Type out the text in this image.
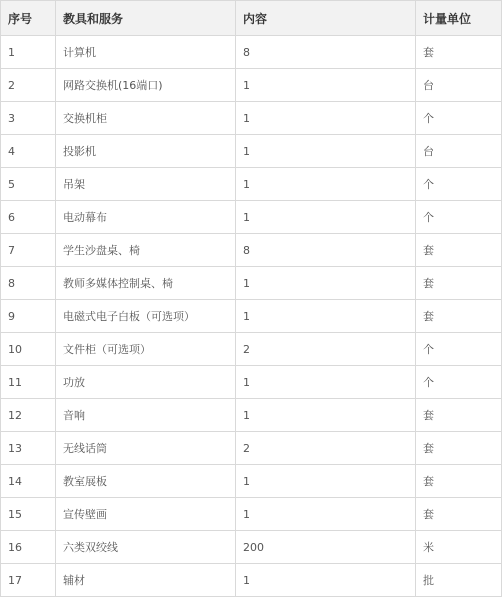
序号	教具和服务	内容	计量单位
1	计算机	8	套
2	网路交换机(16端口)	1	台
3	交换机柜	1	个
4	投影机	1	台
5	吊架	1	个
6	电动幕布	1	个
7	学生沙盘桌、椅	8	套
8	教师多媒体控制桌、椅	1	套
9	电磁式电子白板（可选项）	1	套
10	文件柜（可选项）	2	个
11	功放	1	个
12	音响	1	套
13	无线话筒	2	套
14	教室展板	1	套
15	宣传壁画	1	套
16	六类双绞线	200	米
17	辅材	1	批
